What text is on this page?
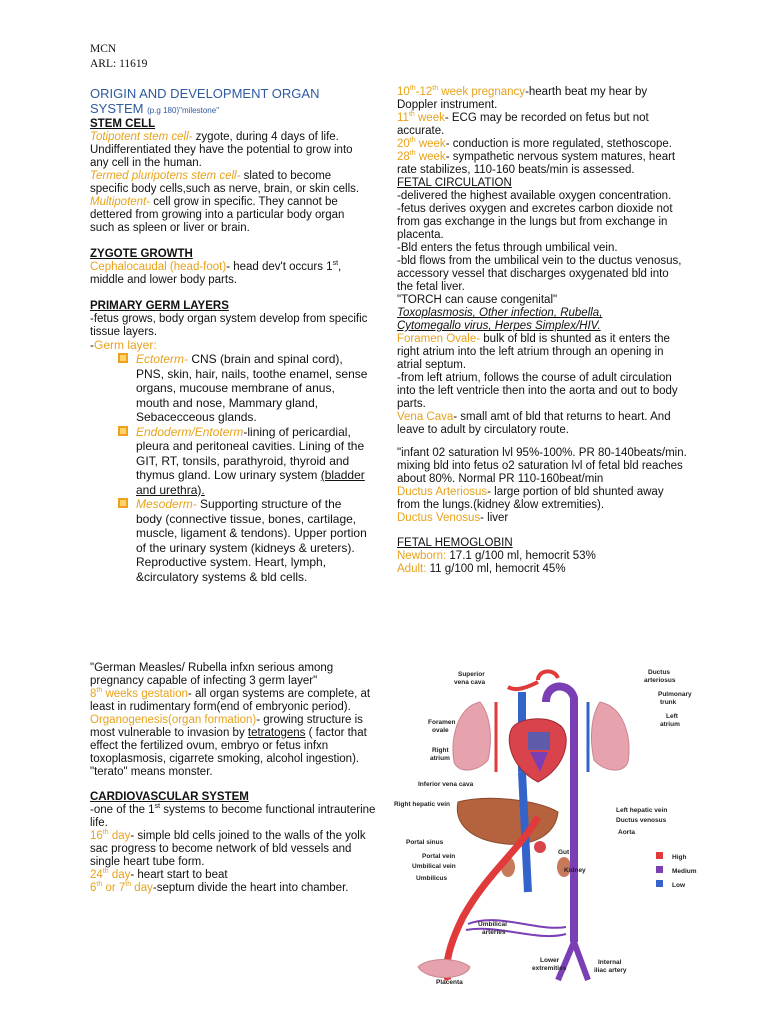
MCN

ARL: 11619

ORIGIN AND DEVELOPMENT ORGAN

SYSTEM (p.g 180)"milestone"

STEM CELL

Totipotent stem cell- zygote, during 4 days of life. Undifferentiated they have the potential to grow into any cell in the human.

Termed pluripotens stem cell- slated to become specific body cells,such as nerve, brain, or skin cells.

Multipotent- cell grow in specific. They cannot be dettered from growing into a particular body organ such as spleen or liver or brain.

ZYGOTE GROWTH

Cephalocaudal (head-foot)- head dev't occurs 1st, middle and lower body parts.

PRIMARY GERM LAYERS

-fetus grows, body organ system develop from specific tissue layers.

-Germ layer:

Ectoterm- CNS (brain and spinal cord), PNS, skin, hair, nails, toothe enamel, sense organs, mucouse membrane of anus, mouth and nose, Mammary gland, Sebacecceous glands.
Endoderm/Entoterm-lining of pericardial, pleura and peritoneal cavities. Lining of the GIT, RT, tonsils, parathyroid, thyroid and thymus gland. Low urinary system (bladder and urethra).
Mesoderm- Supporting structure of the body (connective tissue, bones, cartilage, muscle, ligament & tendons). Upper portion of the urinary system (kidneys & ureters). Reproductive system. Heart, lymph, &circulatory systems & bld cells.

"German Measles/ Rubella infxn serious among pregnancy capable of infecting 3 germ layer"

8th weeks gestation- all organ systems are complete, at least in rudimentary form(end of embryonic period).

Organogenesis(organ formation)- growing structure is most vulnerable to invasion by tetratogens ( factor that effect the fertilized ovum, embryo or fetus infxn toxoplasmosis, cigarrete smoking, alcohol ingestion).

"terato" means monster.

CARDIOVASCULAR SYSTEM

-one of the 1st systems to become functional intrauterine life.

16th day- simple bld cells joined to the walls of the yolk sac progress to become network of bld vessels and single heart tube form.

24th day- heart start to beat

6th or 7th day-septum divide the heart into chamber.

10th-12th week pregnancy-hearth beat my hear by Doppler instrument.

11th week- ECG may be recorded on fetus but not accurate.

20th week- conduction is more regulated, stethoscope.

28th week- sympathetic nervous system matures, heart rate stabilizes, 110-160 beats/min is assessed.

FETAL CIRCULATION

-delivered the highest available oxygen concentration.

-fetus derives oxygen and excretes carbon dioxide not from gas exchange in the lungs but from exchange in placenta.

-Bld enters the fetus through umbilical vein.

-bld flows from the umbilical vein to the ductus venosus, accessory vessel that discharges oxygenated bld into the fetal liver.

"TORCH can cause congenital"

Toxoplasmosis, Other infection, Rubella,

Cytomegallo virus, Herpes Simplex/HIV.

Foramen Ovale- bulk of bld is shunted as it enters the right atrium into the left atrium through an opening in atrial septum.

-from left atrium, follows the course of adult circulation into the left ventricle then into the aorta and out to body parts.

Vena Cava- small amt of bld that returns to heart. And leave to adult by circulatory route.

"infant 02 saturation lvl 95%-100%. PR 80-140beats/min. mixing bld into fetus o2 saturation lvl of fetal bld reaches about 80%. Normal PR 110-160beat/min

Ductus Arteriosus- large portion of bld shunted away from the lungs.(kidney &low extremities).

Ductus Venosus- liver

FETAL HEMOGLOBIN

Newborn: 17.1 g/100 ml, hemocrit 53%

Adult: 11 g/100 ml, hemocrit 45%

Superior
vena cava
Ductus
arteriosus
Pulmonary
trunk
Foramen
ovale
Left
atrium
Right
atrium
Inferior vena cava
Right hepatic vein
Left hepatic vein
Ductus venosus
Aorta
Portal sinus
Gut
Portal vein
Umbilical vein
Kidney
Umbilicus
Umbilical
arteries
Lower
extremities
Internal
iliac artery
Placenta
High
Medium
Low
